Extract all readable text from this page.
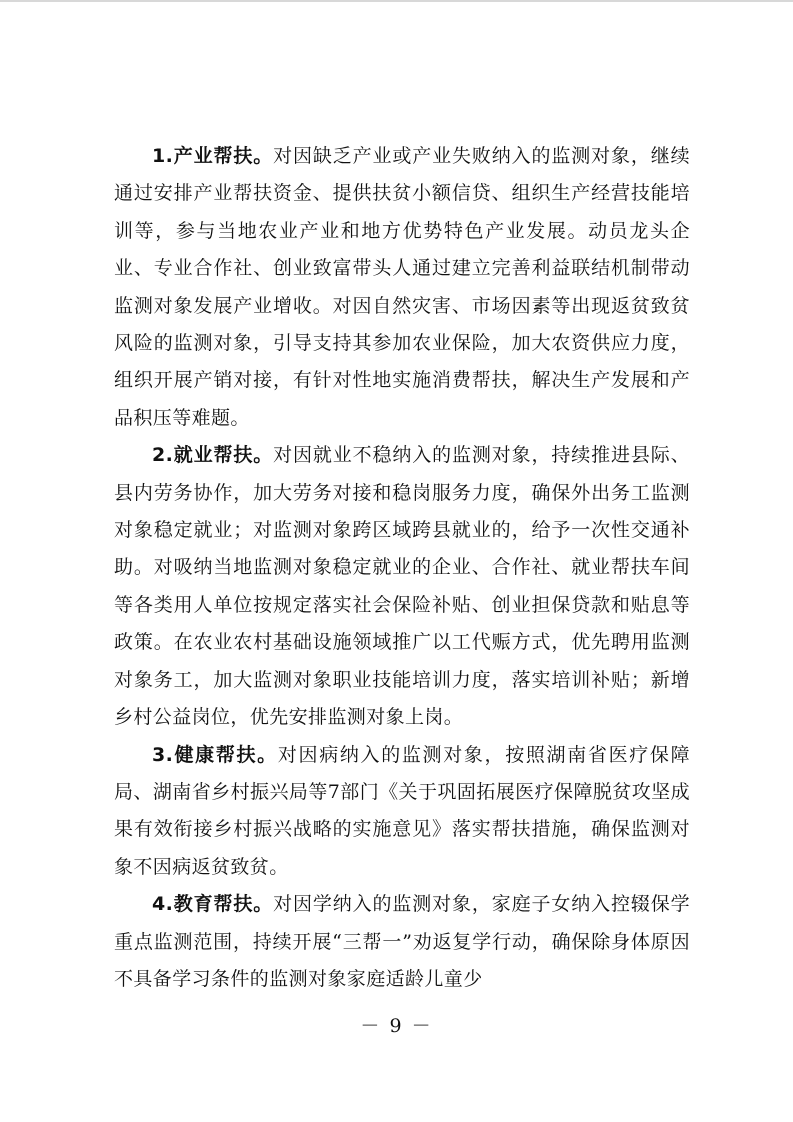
1.产业帮扶。对因缺乏产业或产业失败纳入的监测对象，继续通过安排产业帮扶资金、提供扶贫小额信贷、组织生产经营技能培训等，参与当地农业产业和地方优势特色产业发展。动员龙头企业、专业合作社、创业致富带头人通过建立完善利益联结机制带动监测对象发展产业增收。对因自然灾害、市场因素等出现返贫致贫风险的监测对象，引导支持其参加农业保险，加大农资供应力度，组织开展产销对接，有针对性地实施消费帮扶，解决生产发展和产品积压等难题。

2.就业帮扶。对因就业不稳纳入的监测对象，持续推进县际、县内劳务协作，加大劳务对接和稳岗服务力度，确保外出务工监测对象稳定就业；对监测对象跨区域跨县就业的，给予一次性交通补助。对吸纳当地监测对象稳定就业的企业、合作社、就业帮扶车间等各类用人单位按规定落实社会保险补贴、创业担保贷款和贴息等政策。在农业农村基础设施领域推广以工代赈方式，优先聘用监测对象务工，加大监测对象职业技能培训力度，落实培训补贴；新增乡村公益岗位，优先安排监测对象上岗。

3.健康帮扶。对因病纳入的监测对象，按照湖南省医疗保障局、湖南省乡村振兴局等7部门《关于巩固拓展医疗保障脱贫攻坚成果有效衔接乡村振兴战略的实施意见》落实帮扶措施，确保监测对象不因病返贫致贫。

4.教育帮扶。对因学纳入的监测对象，家庭子女纳入控辍保学重点监测范围，持续开展“三帮一”劝返复学行动，确保除身体原因不具备学习条件的监测对象家庭适龄儿童少

－ 9 －
